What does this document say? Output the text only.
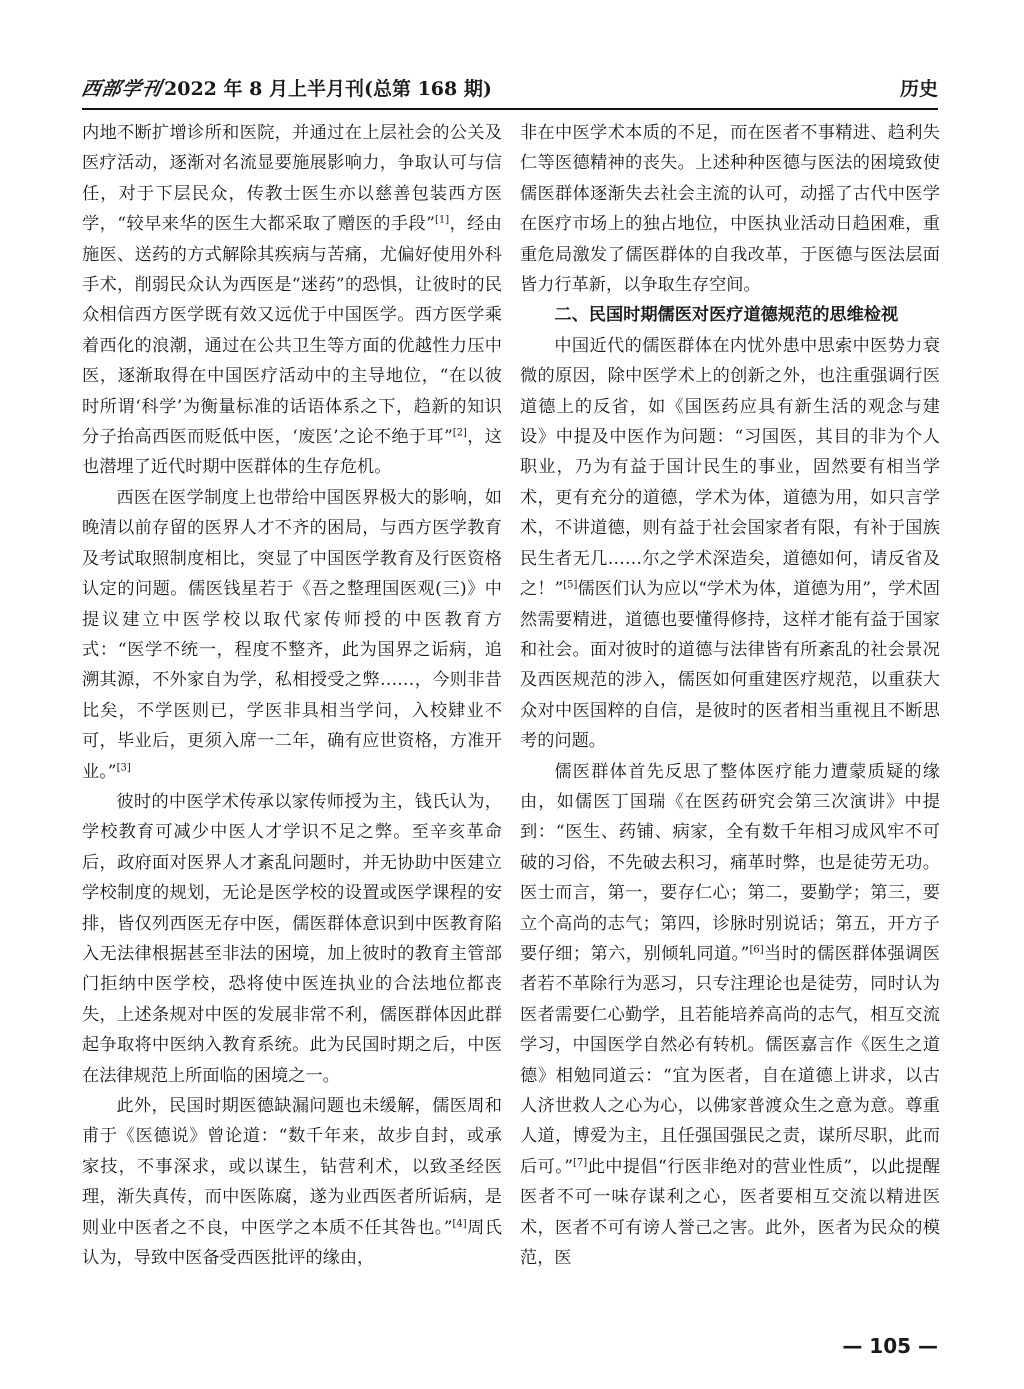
西部学刊2022 年 8 月上半月刊(总第 168 期)	历史

内地不断扩增诊所和医院，并通过在上层社会的公关及医疗活动，逐渐对名流显要施展影响力，争取认可与信任，对于下层民众，传教士医生亦以慈善包装西方医学，“较早来华的医生大都采取了赠医的手段”[1]，经由施医、送药的方式解除其疾病与苦痛，尤偏好使用外科手术，削弱民众认为西医是“迷药”的恐惧，让彼时的民众相信西方医学既有效又远优于中国医学。西方医学乘着西化的浪潮，通过在公共卫生等方面的优越性力压中医，逐渐取得在中国医疗活动中的主导地位，“在以彼时所谓‘科学’为衡量标准的话语体系之下，趋新的知识分子抬高西医而贬低中医，‘废医’之论不绝于耳”[2]，这也潜埋了近代时期中医群体的生存危机。

西医在医学制度上也带给中国医界极大的影响，如晚清以前存留的医界人才不齐的困局，与西方医学教育及考试取照制度相比，突显了中国医学教育及行医资格认定的问题。儒医钱星若于《吾之整理国医观(三)》中提议建立中医学校以取代家传师授的中医教育方式：“医学不统一，程度不整齐，此为国界之诟病，追溯其源，不外家自为学，私相授受之弊……，今则非昔比矣，不学医则已，学医非具相当学问，入校肄业不可，毕业后，更须入席一二年，确有应世资格，方准开业。”[3]

彼时的中医学术传承以家传师授为主，钱氏认为，学校教育可减少中医人才学识不足之弊。至辛亥革命后，政府面对医界人才紊乱问题时，并无协助中医建立学校制度的规划，无论是医学校的设置或医学课程的安排，皆仅列西医无存中医，儒医群体意识到中医教育陷入无法律根据甚至非法的困境，加上彼时的教育主管部门拒纳中医学校，恐将使中医连执业的合法地位都丧失，上述条规对中医的发展非常不利，儒医群体因此群起争取将中医纳入教育系统。此为民国时期之后，中医在法律规范上所面临的困境之一。

此外，民国时期医德缺漏问题也未缓解，儒医周和甫于《医德说》曾论道：“数千年来，故步自封，或承家技，不事深求，或以谋生，钻营利术，以致圣经医理，渐失真传，而中医陈腐，遂为业西医者所诟病，是则业中医者之不良，中医学之本质不任其咎也。”[4]周氏认为，导致中医备受西医批评的缘由，

非在中医学术本质的不足，而在医者不事精进、趋利失仁等医德精神的丧失。上述种种医德与医法的困境致使儒医群体逐渐失去社会主流的认可，动摇了古代中医学在医疗市场上的独占地位，中医执业活动日趋困难，重重危局激发了儒医群体的自我改革，于医德与医法层面皆力行革新，以争取生存空间。

二、民国时期儒医对医疗道德规范的思维检视

中国近代的儒医群体在内忧外患中思索中医势力衰微的原因，除中医学术上的创新之外，也注重强调行医道德上的反省，如《国医药应具有新生活的观念与建设》中提及中医作为问题：“习国医，其目的非为个人职业，乃为有益于国计民生的事业，固然要有相当学术，更有充分的道德，学术为体，道德为用，如只言学术，不讲道德，则有益于社会国家者有限，有补于国族民生者无几……尔之学术深造矣，道德如何，请反省及之！”[5]儒医们认为应以“学术为体，道德为用”，学术固然需要精进，道德也要懂得修持，这样才能有益于国家和社会。面对彼时的道德与法律皆有所紊乱的社会景况及西医规范的涉入，儒医如何重建医疗规范，以重获大众对中医国粹的自信，是彼时的医者相当重视且不断思考的问题。

儒医群体首先反思了整体医疗能力遭蒙质疑的缘由，如儒医丁国瑞《在医药研究会第三次演讲》中提到：“医生、药铺、病家，全有数千年相习成风牢不可破的习俗，不先破去积习，痛革时弊，也是徒劳无功。医士而言，第一，要存仁心；第二，要勤学；第三，要立个高尚的志气；第四，诊脉时别说话；第五，开方子要仔细；第六，别倾轧同道。”[6]当时的儒医群体强调医者若不革除行为恶习，只专注理论也是徒劳，同时认为医者需要仁心勤学，且若能培养高尚的志气，相互交流学习，中国医学自然必有转机。儒医嘉言作《医生之道德》相勉同道云：“宜为医者，自在道德上讲求，以古人济世救人之心为心，以佛家普渡众生之意为意。尊重人道，博爱为主，且任强国强民之责，谋所尽职，此而后可。”[7]此中提倡“行医非绝对的营业性质”，以此提醒医者不可一味存谋利之心，医者要相互交流以精进医术，医者不可有谤人誉己之害。此外，医者为民众的模范，医

— 105 —
